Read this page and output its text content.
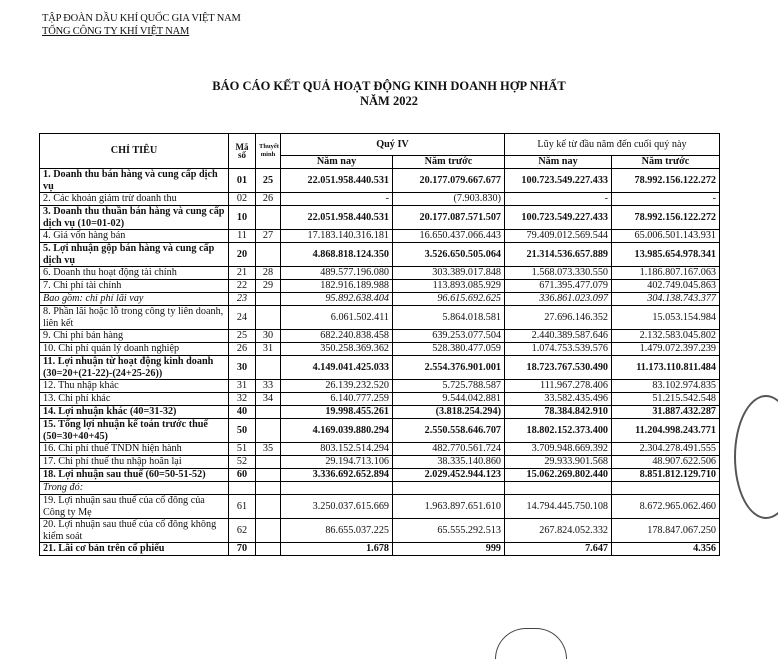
TẬP ĐOÀN DẦU KHÍ QUỐC GIA VIỆT NAM
TỔNG CÔNG TY KHÍ VIỆT NAM
BÁO CÁO KẾT QUẢ HOẠT ĐỘNG KINH DOANH HỢP NHẤT
NĂM 2022
CHỈ TIÊU	Mã số	Thuyết minh	Quý IV		Lũy kế từ đầu năm đến cuối quý này	
			Năm nay	Năm trước	Năm nay	Năm trước
1. Doanh thu bán hàng và cung cấp dịch vụ	01	25	22.051.958.440.531	20.177.079.667.677	100.723.549.227.433	78.992.156.122.272
2. Các khoản giảm trừ doanh thu	02	26	-	(7.903.830)	-	-
3. Doanh thu thuần bán hàng và cung cấp dịch vụ (10=01-02)	10		22.051.958.440.531	20.177.087.571.507	100.723.549.227.433	78.992.156.122.272
4. Giá vốn hàng bán	11	27	17.183.140.316.181	16.650.437.066.443	79.409.012.569.544	65.006.501.143.931
5. Lợi nhuận gộp bán hàng và cung cấp dịch vụ	20		4.868.818.124.350	3.526.650.505.064	21.314.536.657.889	13.985.654.978.341
6. Doanh thu hoạt động tài chính	21	28	489.577.196.080	303.389.017.848	1.568.073.330.550	1.186.807.167.063
7. Chi phí tài chính	22	29	182.916.189.988	113.893.085.929	671.395.477.079	402.749.045.863
Bao gồm: chi phí lãi vay	23		95.892.638.404	96.615.692.625	336.861.023.097	304.138.743.377
8. Phần lãi hoặc lỗ trong công ty liên doanh, liên kết	24		6.061.502.411	5.864.018.581	27.696.146.352	15.053.154.984
9. Chi phí bán hàng	25	30	682.240.838.458	639.253.077.504	2.440.389.587.646	2.132.583.045.802
10. Chi phí quản lý doanh nghiệp	26	31	350.258.369.362	528.380.477.059	1.074.753.539.576	1.479.072.397.239
11. Lợi nhuận từ hoạt động kinh doanh (30=20+(21-22)-(24+25-26))	30		4.149.041.425.033	2.554.376.901.001	18.723.767.530.490	11.173.110.811.484
12. Thu nhập khác	31	33	26.139.232.520	5.725.788.587	111.967.278.406	83.102.974.835
13. Chi phí khác	32	34	6.140.777.259	9.544.042.881	33.582.435.496	51.215.542.548
14. Lợi nhuận khác (40=31-32)	40		19.998.455.261	(3.818.254.294)	78.384.842.910	31.887.432.287
15. Tổng lợi nhuận kế toán trước thuế (50=30+40+45)	50		4.169.039.880.294	2.550.558.646.707	18.802.152.373.400	11.204.998.243.771
16. Chi phí thuế TNDN hiện hành	51	35	803.152.514.294	482.770.561.724	3.709.948.669.392	2.304.278.491.555
17. Chi phí thuế thu nhập hoãn lại	52		29.194.713.106	38.335.140.860	29.933.901.568	48.907.622.506
18. Lợi nhuận sau thuế (60=50-51-52)	60		3.336.692.652.894	2.029.452.944.123	15.062.269.802.440	8.851.812.129.710
Trong đó:						
19. Lợi nhuận sau thuế của cổ đông của Công ty Mẹ	61		3.250.037.615.669	1.963.897.651.610	14.794.445.750.108	8.672.965.062.460
20. Lợi nhuận sau thuế của cổ đông không kiểm soát	62		86.655.037.225	65.555.292.513	267.824.052.332	178.847.067.250
21. Lãi cơ bản trên cổ phiếu	70		1.678	999	7.647	4.356
